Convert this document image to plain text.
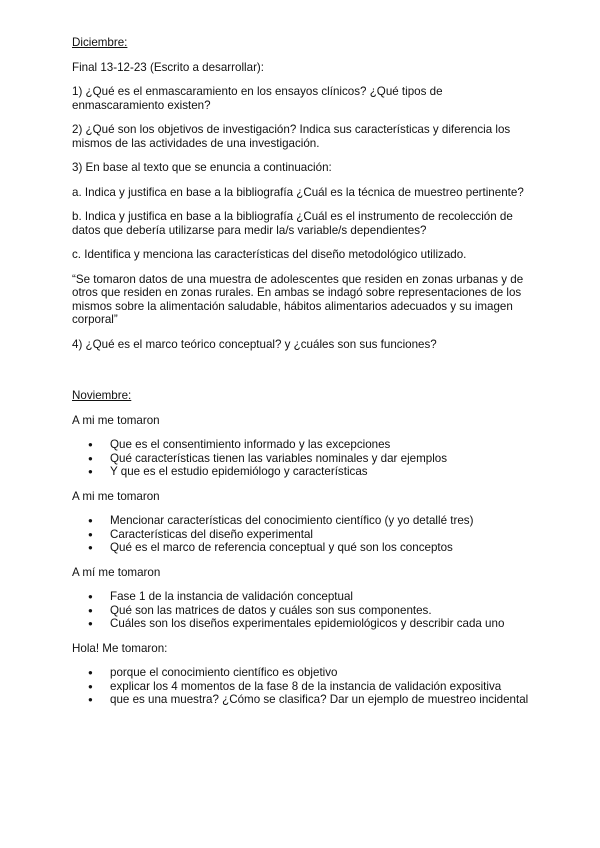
Diciembre:

Final 13-12-23 (Escrito a desarrollar):

1) ¿Qué es el enmascaramiento en los ensayos clínicos? ¿Qué tipos de enmascaramiento existen?

2) ¿Qué son los objetivos de investigación? Indica sus características y diferencia los mismos de las actividades de una investigación.

3) En base al texto que se enuncia a continuación:

a. Indica y justifica en base a la bibliografía ¿Cuál es la técnica de muestreo pertinente?

b. Indica y justifica en base a la bibliografía ¿Cuál es el instrumento de recolección de datos que debería utilizarse para medir la/s variable/s dependientes?

c. Identifica y menciona las características del diseño metodológico utilizado.

“Se tomaron datos de una muestra de adolescentes que residen en zonas urbanas y de otros que residen en zonas rurales. En ambas se indagó sobre representaciones de los mismos sobre la alimentación saludable, hábitos alimentarios adecuados y su imagen corporal”

4) ¿Qué es el marco teórico conceptual? y ¿cuáles son sus funciones?

Noviembre:

A mi me tomaron

● Que es el consentimiento informado y las excepciones
● Qué características tienen las variables nominales y dar ejemplos
● Y que es el estudio epidemiólogo y características

A mi me tomaron

● Mencionar características del conocimiento científico (y yo detallé tres)
● Características del diseño experimental
● Qué es el marco de referencia conceptual y qué son los conceptos

A mí me tomaron

● Fase 1 de la instancia de validación conceptual
● Qué son las matrices de datos y cuáles son sus componentes.
● Cuáles son los diseños experimentales epidemiológicos y describir cada uno

Hola! Me tomaron:

● porque el conocimiento científico es objetivo
● explicar los 4 momentos de la fase 8 de la instancia de validación expositiva
● que es una muestra? ¿Cómo se clasifica? Dar un ejemplo de muestreo incidental
